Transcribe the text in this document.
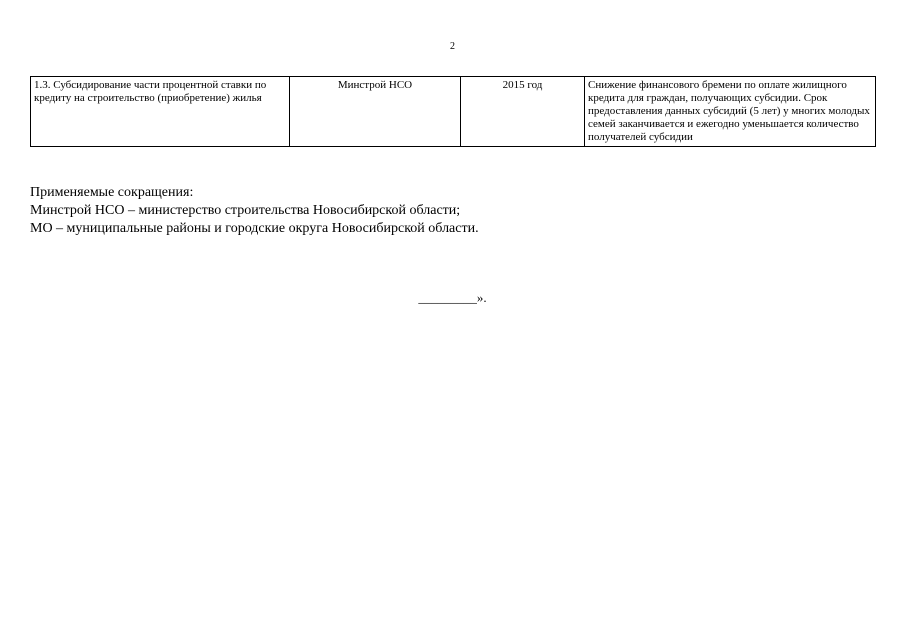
2
1.3. Субсидирование части процентной ставки по кредиту на строительство (приобретение) жилья	Минстрой НСО	2015 год	Снижение финансового бремени по оплате жилищного кредита для граждан, получающих субсидии. Срок предоставления данных субсидий (5 лет) у многих молодых семей заканчивается и ежегодно уменьшается количество получателей субсидии
Применяемые сокращения:
Минстрой НСО – министерство строительства Новосибирской области;
МО – муниципальные районы и городские округа Новосибирской области.
_________».
